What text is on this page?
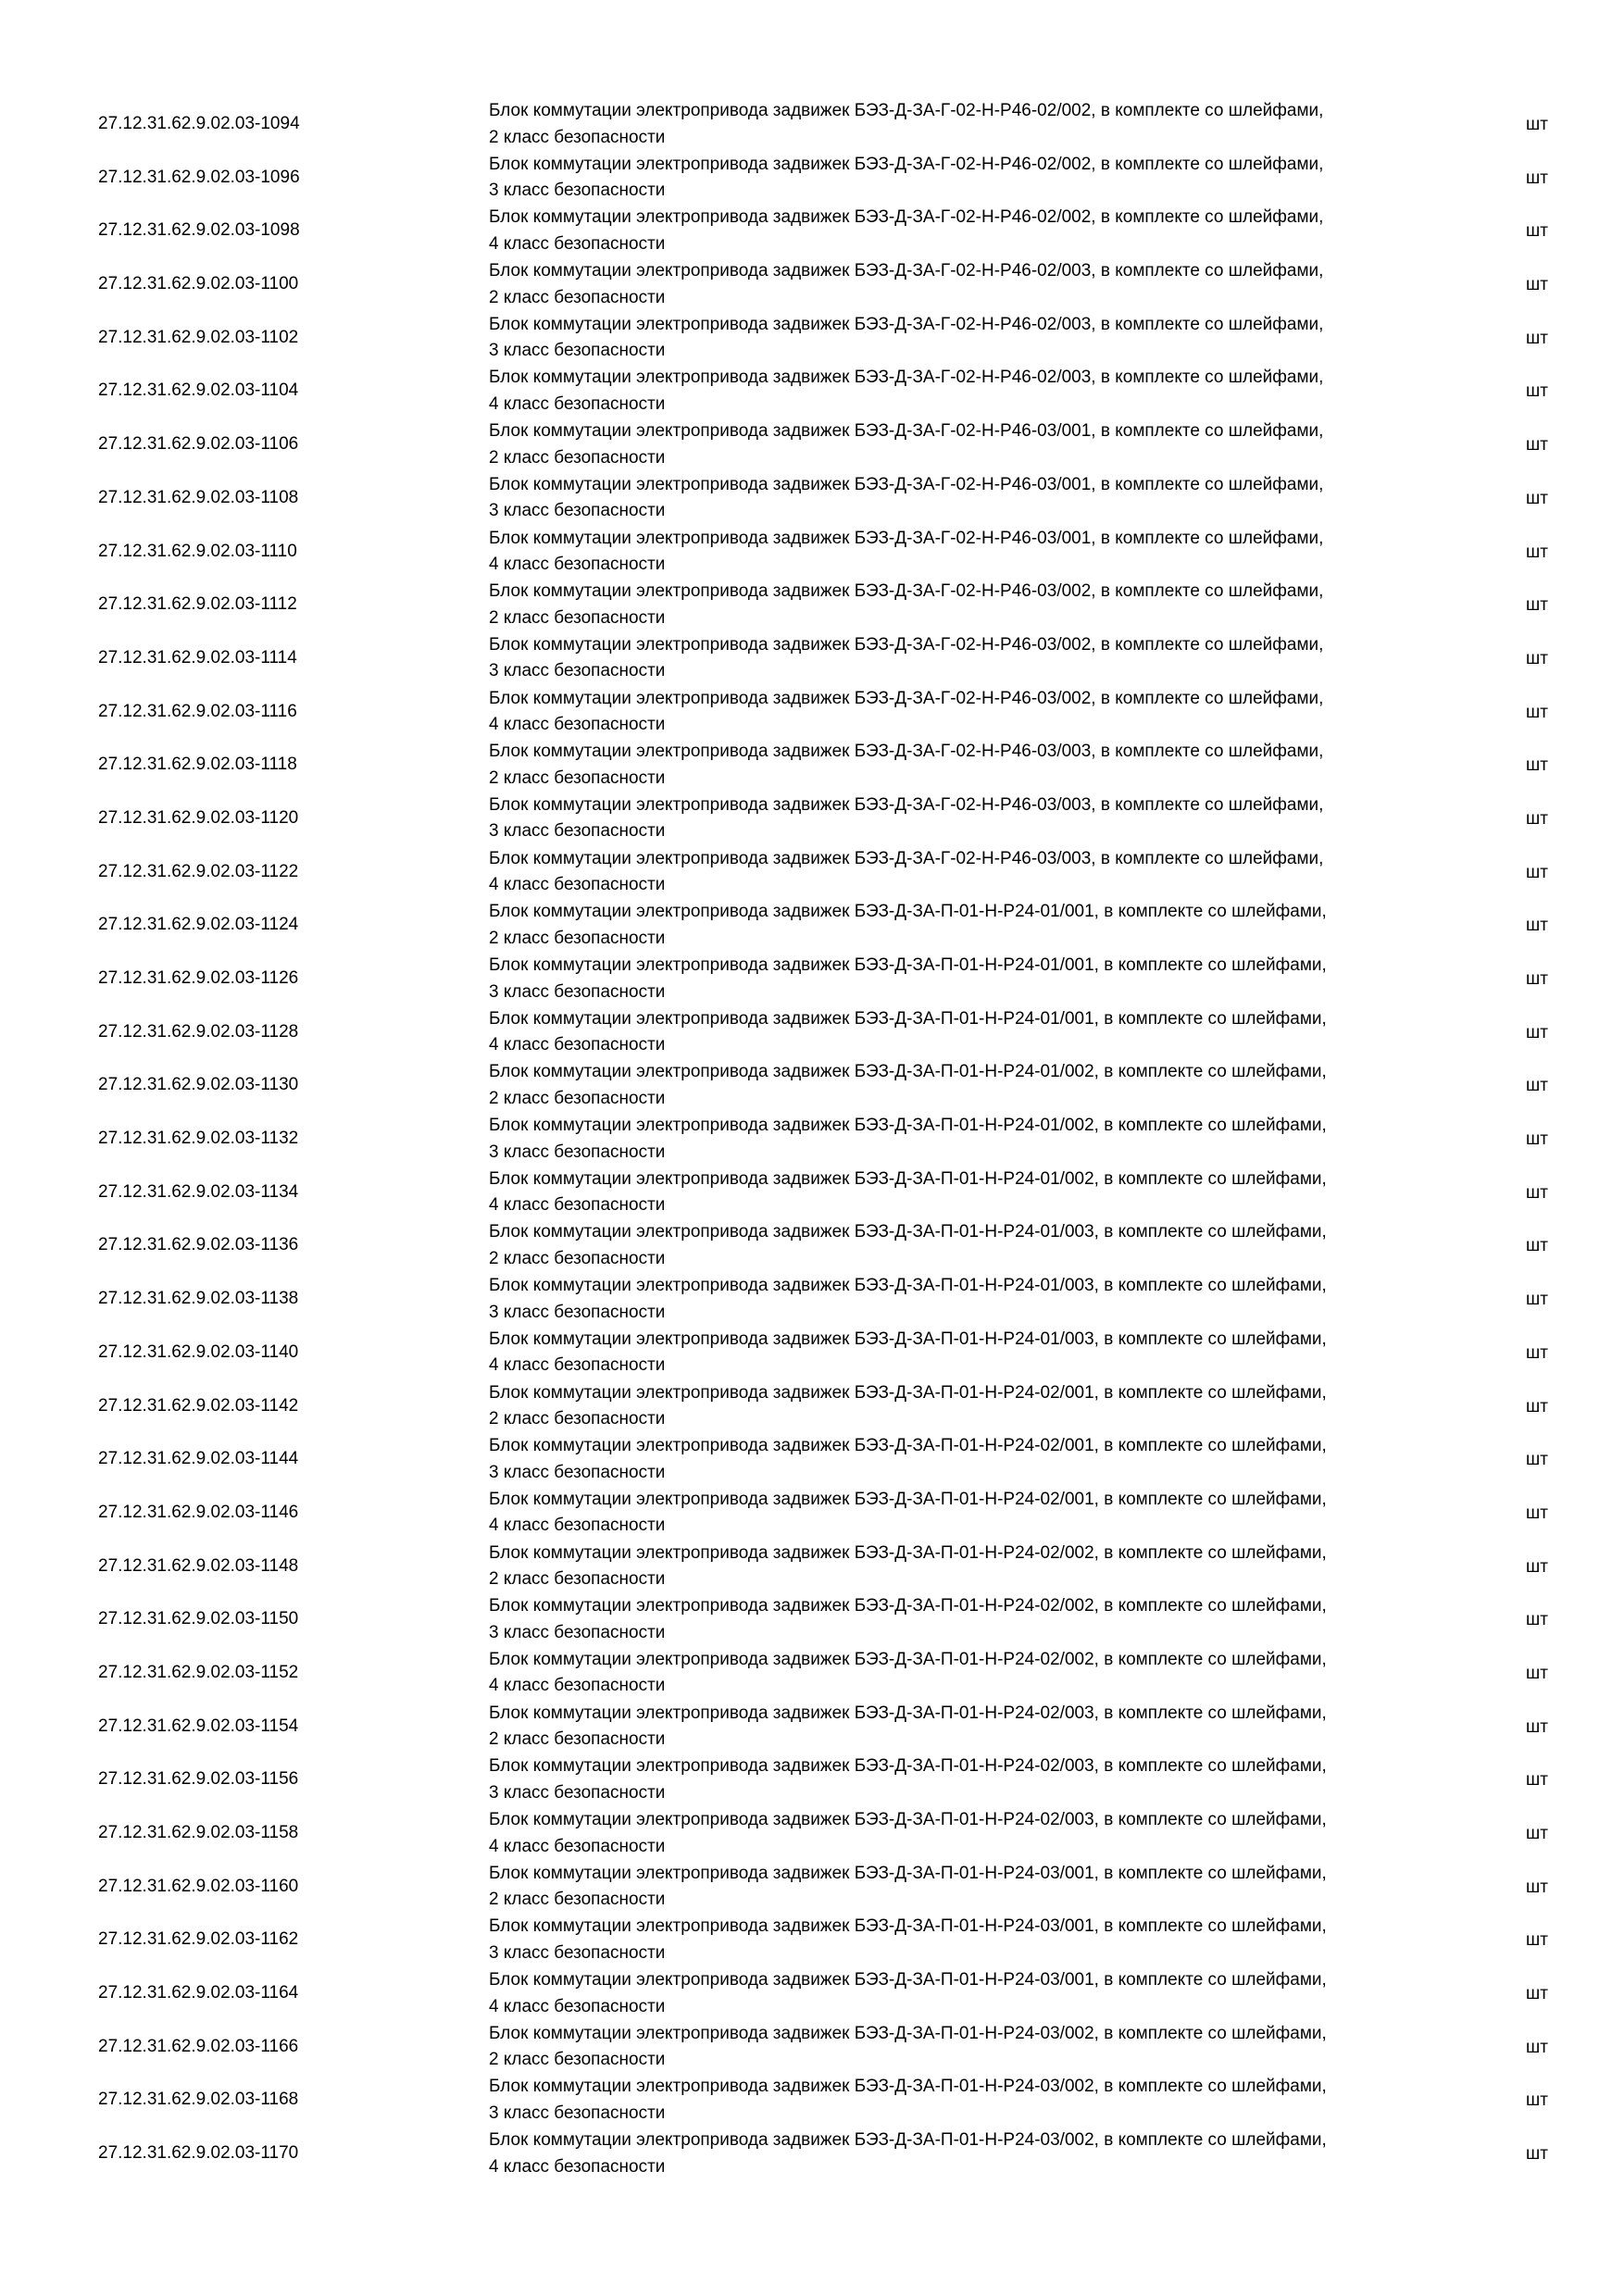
27.12.31.62.9.02.03-1094
Блок коммутации электропривода задвижек БЭЗ-Д-ЗА-Г-02-Н-Р46-02/002, в комплекте со шлейфами,
2 класс безопасности
шт
27.12.31.62.9.02.03-1096
Блок коммутации электропривода задвижек БЭЗ-Д-ЗА-Г-02-Н-Р46-02/002, в комплекте со шлейфами,
3 класс безопасности
шт
27.12.31.62.9.02.03-1098
Блок коммутации электропривода задвижек БЭЗ-Д-ЗА-Г-02-Н-Р46-02/002, в комплекте со шлейфами,
4 класс безопасности
шт
27.12.31.62.9.02.03-1100
Блок коммутации электропривода задвижек БЭЗ-Д-ЗА-Г-02-Н-Р46-02/003, в комплекте со шлейфами,
2 класс безопасности
шт
27.12.31.62.9.02.03-1102
Блок коммутации электропривода задвижек БЭЗ-Д-ЗА-Г-02-Н-Р46-02/003, в комплекте со шлейфами,
3 класс безопасности
шт
27.12.31.62.9.02.03-1104
Блок коммутации электропривода задвижек БЭЗ-Д-ЗА-Г-02-Н-Р46-02/003, в комплекте со шлейфами,
4 класс безопасности
шт
27.12.31.62.9.02.03-1106
Блок коммутации электропривода задвижек БЭЗ-Д-ЗА-Г-02-Н-Р46-03/001, в комплекте со шлейфами,
2 класс безопасности
шт
27.12.31.62.9.02.03-1108
Блок коммутации электропривода задвижек БЭЗ-Д-ЗА-Г-02-Н-Р46-03/001, в комплекте со шлейфами,
3 класс безопасности
шт
27.12.31.62.9.02.03-1110
Блок коммутации электропривода задвижек БЭЗ-Д-ЗА-Г-02-Н-Р46-03/001, в комплекте со шлейфами,
4 класс безопасности
шт
27.12.31.62.9.02.03-1112
Блок коммутации электропривода задвижек БЭЗ-Д-ЗА-Г-02-Н-Р46-03/002, в комплекте со шлейфами,
2 класс безопасности
шт
27.12.31.62.9.02.03-1114
Блок коммутации электропривода задвижек БЭЗ-Д-ЗА-Г-02-Н-Р46-03/002, в комплекте со шлейфами,
3 класс безопасности
шт
27.12.31.62.9.02.03-1116
Блок коммутации электропривода задвижек БЭЗ-Д-ЗА-Г-02-Н-Р46-03/002, в комплекте со шлейфами,
4 класс безопасности
шт
27.12.31.62.9.02.03-1118
Блок коммутации электропривода задвижек БЭЗ-Д-ЗА-Г-02-Н-Р46-03/003, в комплекте со шлейфами,
2 класс безопасности
шт
27.12.31.62.9.02.03-1120
Блок коммутации электропривода задвижек БЭЗ-Д-ЗА-Г-02-Н-Р46-03/003, в комплекте со шлейфами,
3 класс безопасности
шт
27.12.31.62.9.02.03-1122
Блок коммутации электропривода задвижек БЭЗ-Д-ЗА-Г-02-Н-Р46-03/003, в комплекте со шлейфами,
4 класс безопасности
шт
27.12.31.62.9.02.03-1124
Блок коммутации электропривода задвижек БЭЗ-Д-ЗА-П-01-Н-Р24-01/001, в комплекте со шлейфами,
2 класс безопасности
шт
27.12.31.62.9.02.03-1126
Блок коммутации электропривода задвижек БЭЗ-Д-ЗА-П-01-Н-Р24-01/001, в комплекте со шлейфами,
3 класс безопасности
шт
27.12.31.62.9.02.03-1128
Блок коммутации электропривода задвижек БЭЗ-Д-ЗА-П-01-Н-Р24-01/001, в комплекте со шлейфами,
4 класс безопасности
шт
27.12.31.62.9.02.03-1130
Блок коммутации электропривода задвижек БЭЗ-Д-ЗА-П-01-Н-Р24-01/002, в комплекте со шлейфами,
2 класс безопасности
шт
27.12.31.62.9.02.03-1132
Блок коммутации электропривода задвижек БЭЗ-Д-ЗА-П-01-Н-Р24-01/002, в комплекте со шлейфами,
3 класс безопасности
шт
27.12.31.62.9.02.03-1134
Блок коммутации электропривода задвижек БЭЗ-Д-ЗА-П-01-Н-Р24-01/002, в комплекте со шлейфами,
4 класс безопасности
шт
27.12.31.62.9.02.03-1136
Блок коммутации электропривода задвижек БЭЗ-Д-ЗА-П-01-Н-Р24-01/003, в комплекте со шлейфами,
2 класс безопасности
шт
27.12.31.62.9.02.03-1138
Блок коммутации электропривода задвижек БЭЗ-Д-ЗА-П-01-Н-Р24-01/003, в комплекте со шлейфами,
3 класс безопасности
шт
27.12.31.62.9.02.03-1140
Блок коммутации электропривода задвижек БЭЗ-Д-ЗА-П-01-Н-Р24-01/003, в комплекте со шлейфами,
4 класс безопасности
шт
27.12.31.62.9.02.03-1142
Блок коммутации электропривода задвижек БЭЗ-Д-ЗА-П-01-Н-Р24-02/001, в комплекте со шлейфами,
2 класс безопасности
шт
27.12.31.62.9.02.03-1144
Блок коммутации электропривода задвижек БЭЗ-Д-ЗА-П-01-Н-Р24-02/001, в комплекте со шлейфами,
3 класс безопасности
шт
27.12.31.62.9.02.03-1146
Блок коммутации электропривода задвижек БЭЗ-Д-ЗА-П-01-Н-Р24-02/001, в комплекте со шлейфами,
4 класс безопасности
шт
27.12.31.62.9.02.03-1148
Блок коммутации электропривода задвижек БЭЗ-Д-ЗА-П-01-Н-Р24-02/002, в комплекте со шлейфами,
2 класс безопасности
шт
27.12.31.62.9.02.03-1150
Блок коммутации электропривода задвижек БЭЗ-Д-ЗА-П-01-Н-Р24-02/002, в комплекте со шлейфами,
3 класс безопасности
шт
27.12.31.62.9.02.03-1152
Блок коммутации электропривода задвижек БЭЗ-Д-ЗА-П-01-Н-Р24-02/002, в комплекте со шлейфами,
4 класс безопасности
шт
27.12.31.62.9.02.03-1154
Блок коммутации электропривода задвижек БЭЗ-Д-ЗА-П-01-Н-Р24-02/003, в комплекте со шлейфами,
2 класс безопасности
шт
27.12.31.62.9.02.03-1156
Блок коммутации электропривода задвижек БЭЗ-Д-ЗА-П-01-Н-Р24-02/003, в комплекте со шлейфами,
3 класс безопасности
шт
27.12.31.62.9.02.03-1158
Блок коммутации электропривода задвижек БЭЗ-Д-ЗА-П-01-Н-Р24-02/003, в комплекте со шлейфами,
4 класс безопасности
шт
27.12.31.62.9.02.03-1160
Блок коммутации электропривода задвижек БЭЗ-Д-ЗА-П-01-Н-Р24-03/001, в комплекте со шлейфами,
2 класс безопасности
шт
27.12.31.62.9.02.03-1162
Блок коммутации электропривода задвижек БЭЗ-Д-ЗА-П-01-Н-Р24-03/001, в комплекте со шлейфами,
3 класс безопасности
шт
27.12.31.62.9.02.03-1164
Блок коммутации электропривода задвижек БЭЗ-Д-ЗА-П-01-Н-Р24-03/001, в комплекте со шлейфами,
4 класс безопасности
шт
27.12.31.62.9.02.03-1166
Блок коммутации электропривода задвижек БЭЗ-Д-ЗА-П-01-Н-Р24-03/002, в комплекте со шлейфами,
2 класс безопасности
шт
27.12.31.62.9.02.03-1168
Блок коммутации электропривода задвижек БЭЗ-Д-ЗА-П-01-Н-Р24-03/002, в комплекте со шлейфами,
3 класс безопасности
шт
27.12.31.62.9.02.03-1170
Блок коммутации электропривода задвижек БЭЗ-Д-ЗА-П-01-Н-Р24-03/002, в комплекте со шлейфами,
4 класс безопасности
шт
